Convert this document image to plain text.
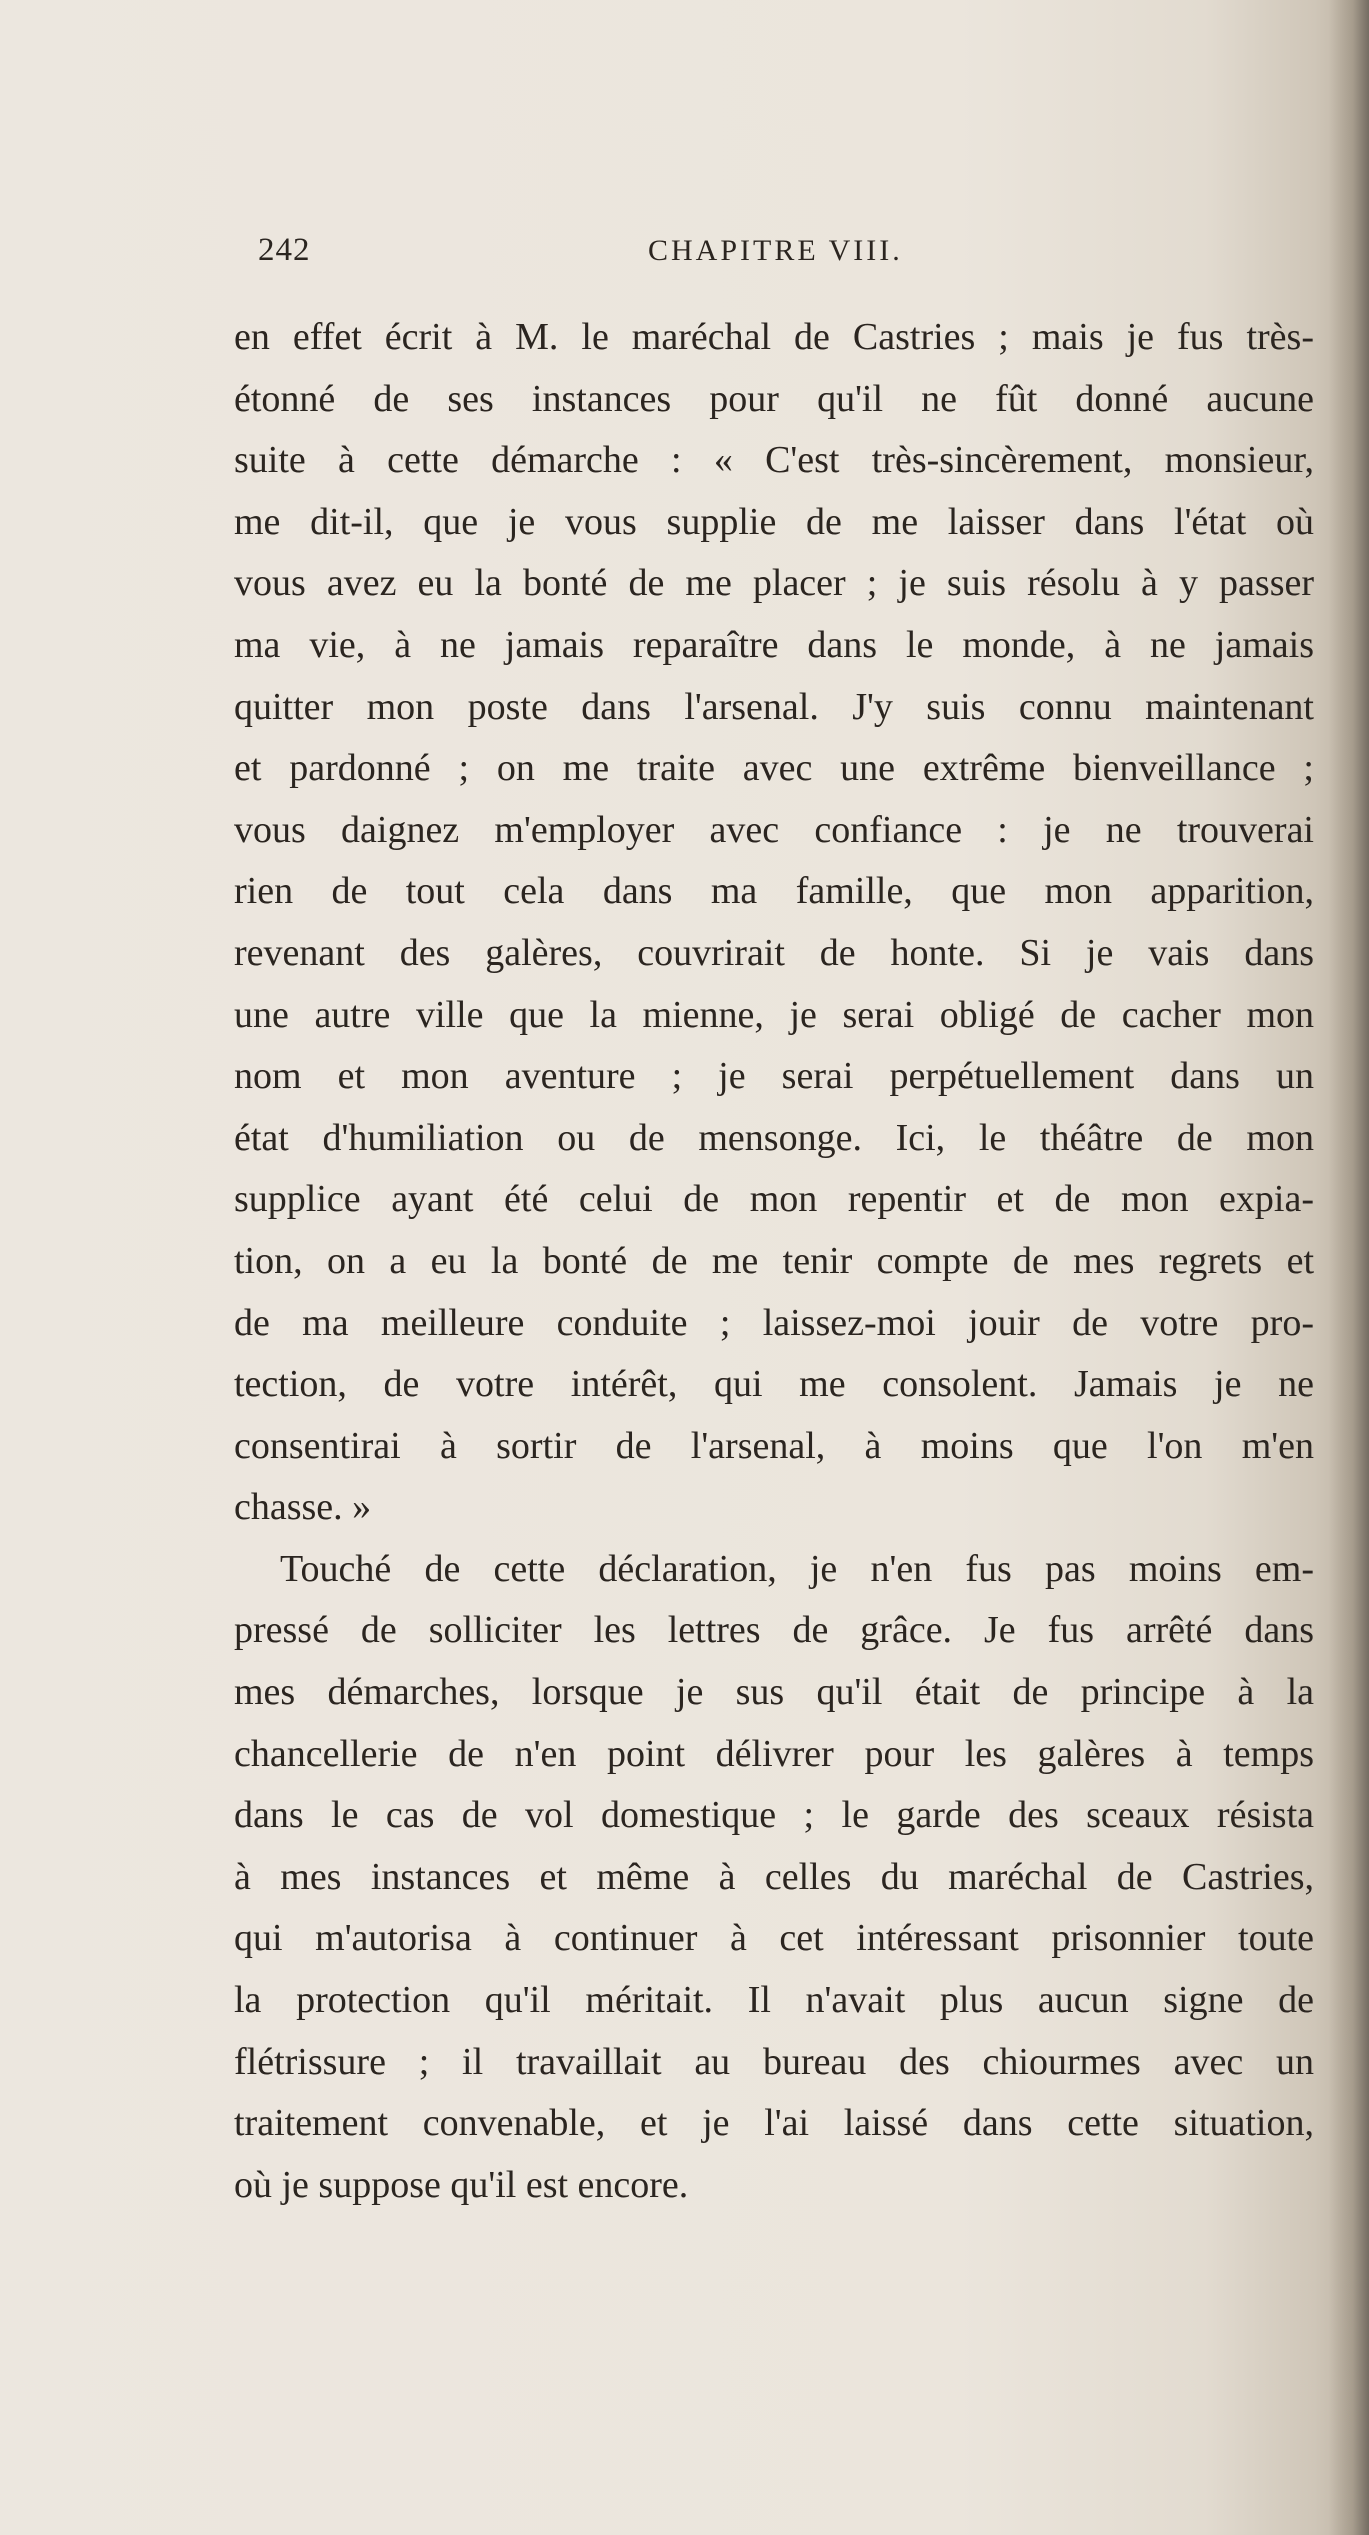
242	CHAPITRE VIII.
en effet écrit à M. le maréchal de Castries ; mais je fus très-
étonné de ses instances pour qu'il ne fût donné aucune
suite à cette démarche : « C'est très-sincèrement, monsieur,
me dit-il, que je vous supplie de me laisser dans l'état où
vous avez eu la bonté de me placer ; je suis résolu à y passer
ma vie, à ne jamais reparaître dans le monde, à ne jamais
quitter mon poste dans l'arsenal. J'y suis connu maintenant
et pardonné ; on me traite avec une extrême bienveillance ;
vous daignez m'employer avec confiance : je ne trouverai
rien de tout cela dans ma famille, que mon apparition,
revenant des galères, couvrirait de honte. Si je vais dans
une autre ville que la mienne, je serai obligé de cacher mon
nom et mon aventure ; je serai perpétuellement dans un
état d'humiliation ou de mensonge. Ici, le théâtre de mon
supplice ayant été celui de mon repentir et de mon expia-
tion, on a eu la bonté de me tenir compte de mes regrets et
de ma meilleure conduite ; laissez-moi jouir de votre pro-
tection, de votre intérêt, qui me consolent. Jamais je ne
consentirai à sortir de l'arsenal, à moins que l'on m'en
chasse. »
Touché de cette déclaration, je n'en fus pas moins em-
pressé de solliciter les lettres de grâce. Je fus arrêté dans
mes démarches, lorsque je sus qu'il était de principe à la
chancellerie de n'en point délivrer pour les galères à temps
dans le cas de vol domestique ; le garde des sceaux résista
à mes instances et même à celles du maréchal de Castries,
qui m'autorisa à continuer à cet intéressant prisonnier toute
la protection qu'il méritait. Il n'avait plus aucun signe de
flétrissure ; il travaillait au bureau des chiourmes avec un
traitement convenable, et je l'ai laissé dans cette situation,
où je suppose qu'il est encore.
